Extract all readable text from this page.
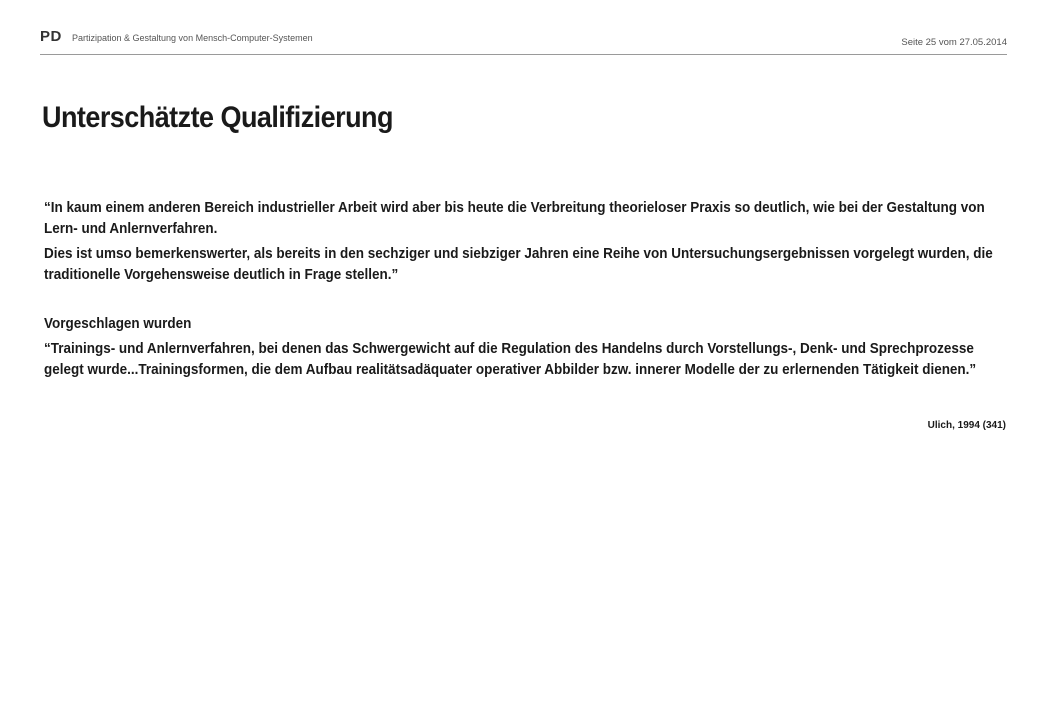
PD Partizipation & Gestaltung von Mensch-Computer-Systemen	Seite 25 vom 27.05.2014
Unterschätzte Qualifizierung

“In kaum einem anderen Bereich industrieller Arbeit wird aber bis heute die Verbreitung theorieloser Praxis so deutlich, wie bei der Gestaltung von Lern- und Anlernverfahren.

Dies ist umso bemerkenswerter, als bereits in den sechziger und siebziger Jahren eine Reihe von Untersuchungsergebnissen vorgelegt wurden, die traditionelle Vorgehensweise deutlich in Frage stellen.”

Vorgeschlagen wurden

“Trainings- und Anlernverfahren, bei denen das Schwergewicht auf die Regulation des Handelns durch Vorstellungs-, Denk- und Sprechprozesse gelegt wurde...Trainingsformen, die dem Aufbau realitätsadäquater operativer Abbilder bzw. innerer Modelle der zu erlernenden Tätigkeit dienen.”

Ulich, 1994 (341)
